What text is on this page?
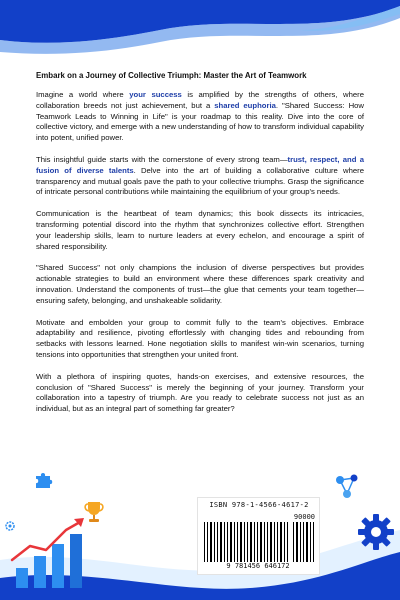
Embark on a Journey of Collective Triumph: Master the Art of Teamwork

Imagine a world where your success is amplified by the strengths of others, where collaboration breeds not just achievement, but a shared euphoria. "Shared Success: How Teamwork Leads to Winning in Life" is your roadmap to this reality. Dive into the core of collective victory, and emerge with a new understanding of how to transform individual capability into potent, unified power.

This insightful guide starts with the cornerstone of every strong team—trust, respect, and a fusion of diverse talents. Delve into the art of building a collaborative culture where transparency and mutual goals pave the path to your collective triumphs. Grasp the significance of intricate personal contributions while maintaining the equilibrium of your group's needs.

Communication is the heartbeat of team dynamics; this book dissects its intricacies, transforming potential discord into the rhythm that synchronizes collective effort. Strengthen your leadership skills, learn to nurture leaders at every echelon, and encourage a spirit of shared responsibility.

"Shared Success" not only champions the inclusion of diverse perspectives but provides actionable strategies to build an environment where these differences spark creativity and innovation. Understand the components of trust—the glue that cements your team together—ensuring safety, belonging, and unshakeable solidarity.

Motivate and embolden your group to commit fully to the team's objectives. Embrace adaptability and resilience, pivoting effortlessly with changing tides and rebounding from setbacks with lessons learned. Hone negotiation skills to manifest win-win scenarios, turning tensions into opportunities that strengthen your united front.

With a plethora of inspiring quotes, hands-on exercises, and extensive resources, the conclusion of "Shared Success" is merely the beginning of your journey. Transform your collaboration into a tapestry of triumph. Are you ready to celebrate success not just as an individual, but as an integral part of something far greater?

ISBN 978-1-4566-4617-2
90000
9 781456 646172
